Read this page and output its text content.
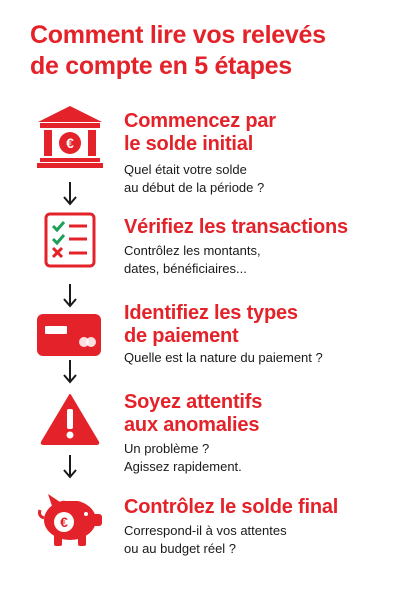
Comment lire vos relevés
de compte en 5 étapes
€
Commencez par
le solde initial
Quel était votre solde
au début de la période ?
Vérifiez les transactions
Contrôlez les montants,
dates, bénéficiaires...
Identifiez les types
de paiement
Quelle est la nature du paiement ?
Soyez attentifs
aux anomalies
Un problème ?
Agissez rapidement.
€
Contrôlez le solde final
Correspond-il à vos attentes
ou au budget réel ?
